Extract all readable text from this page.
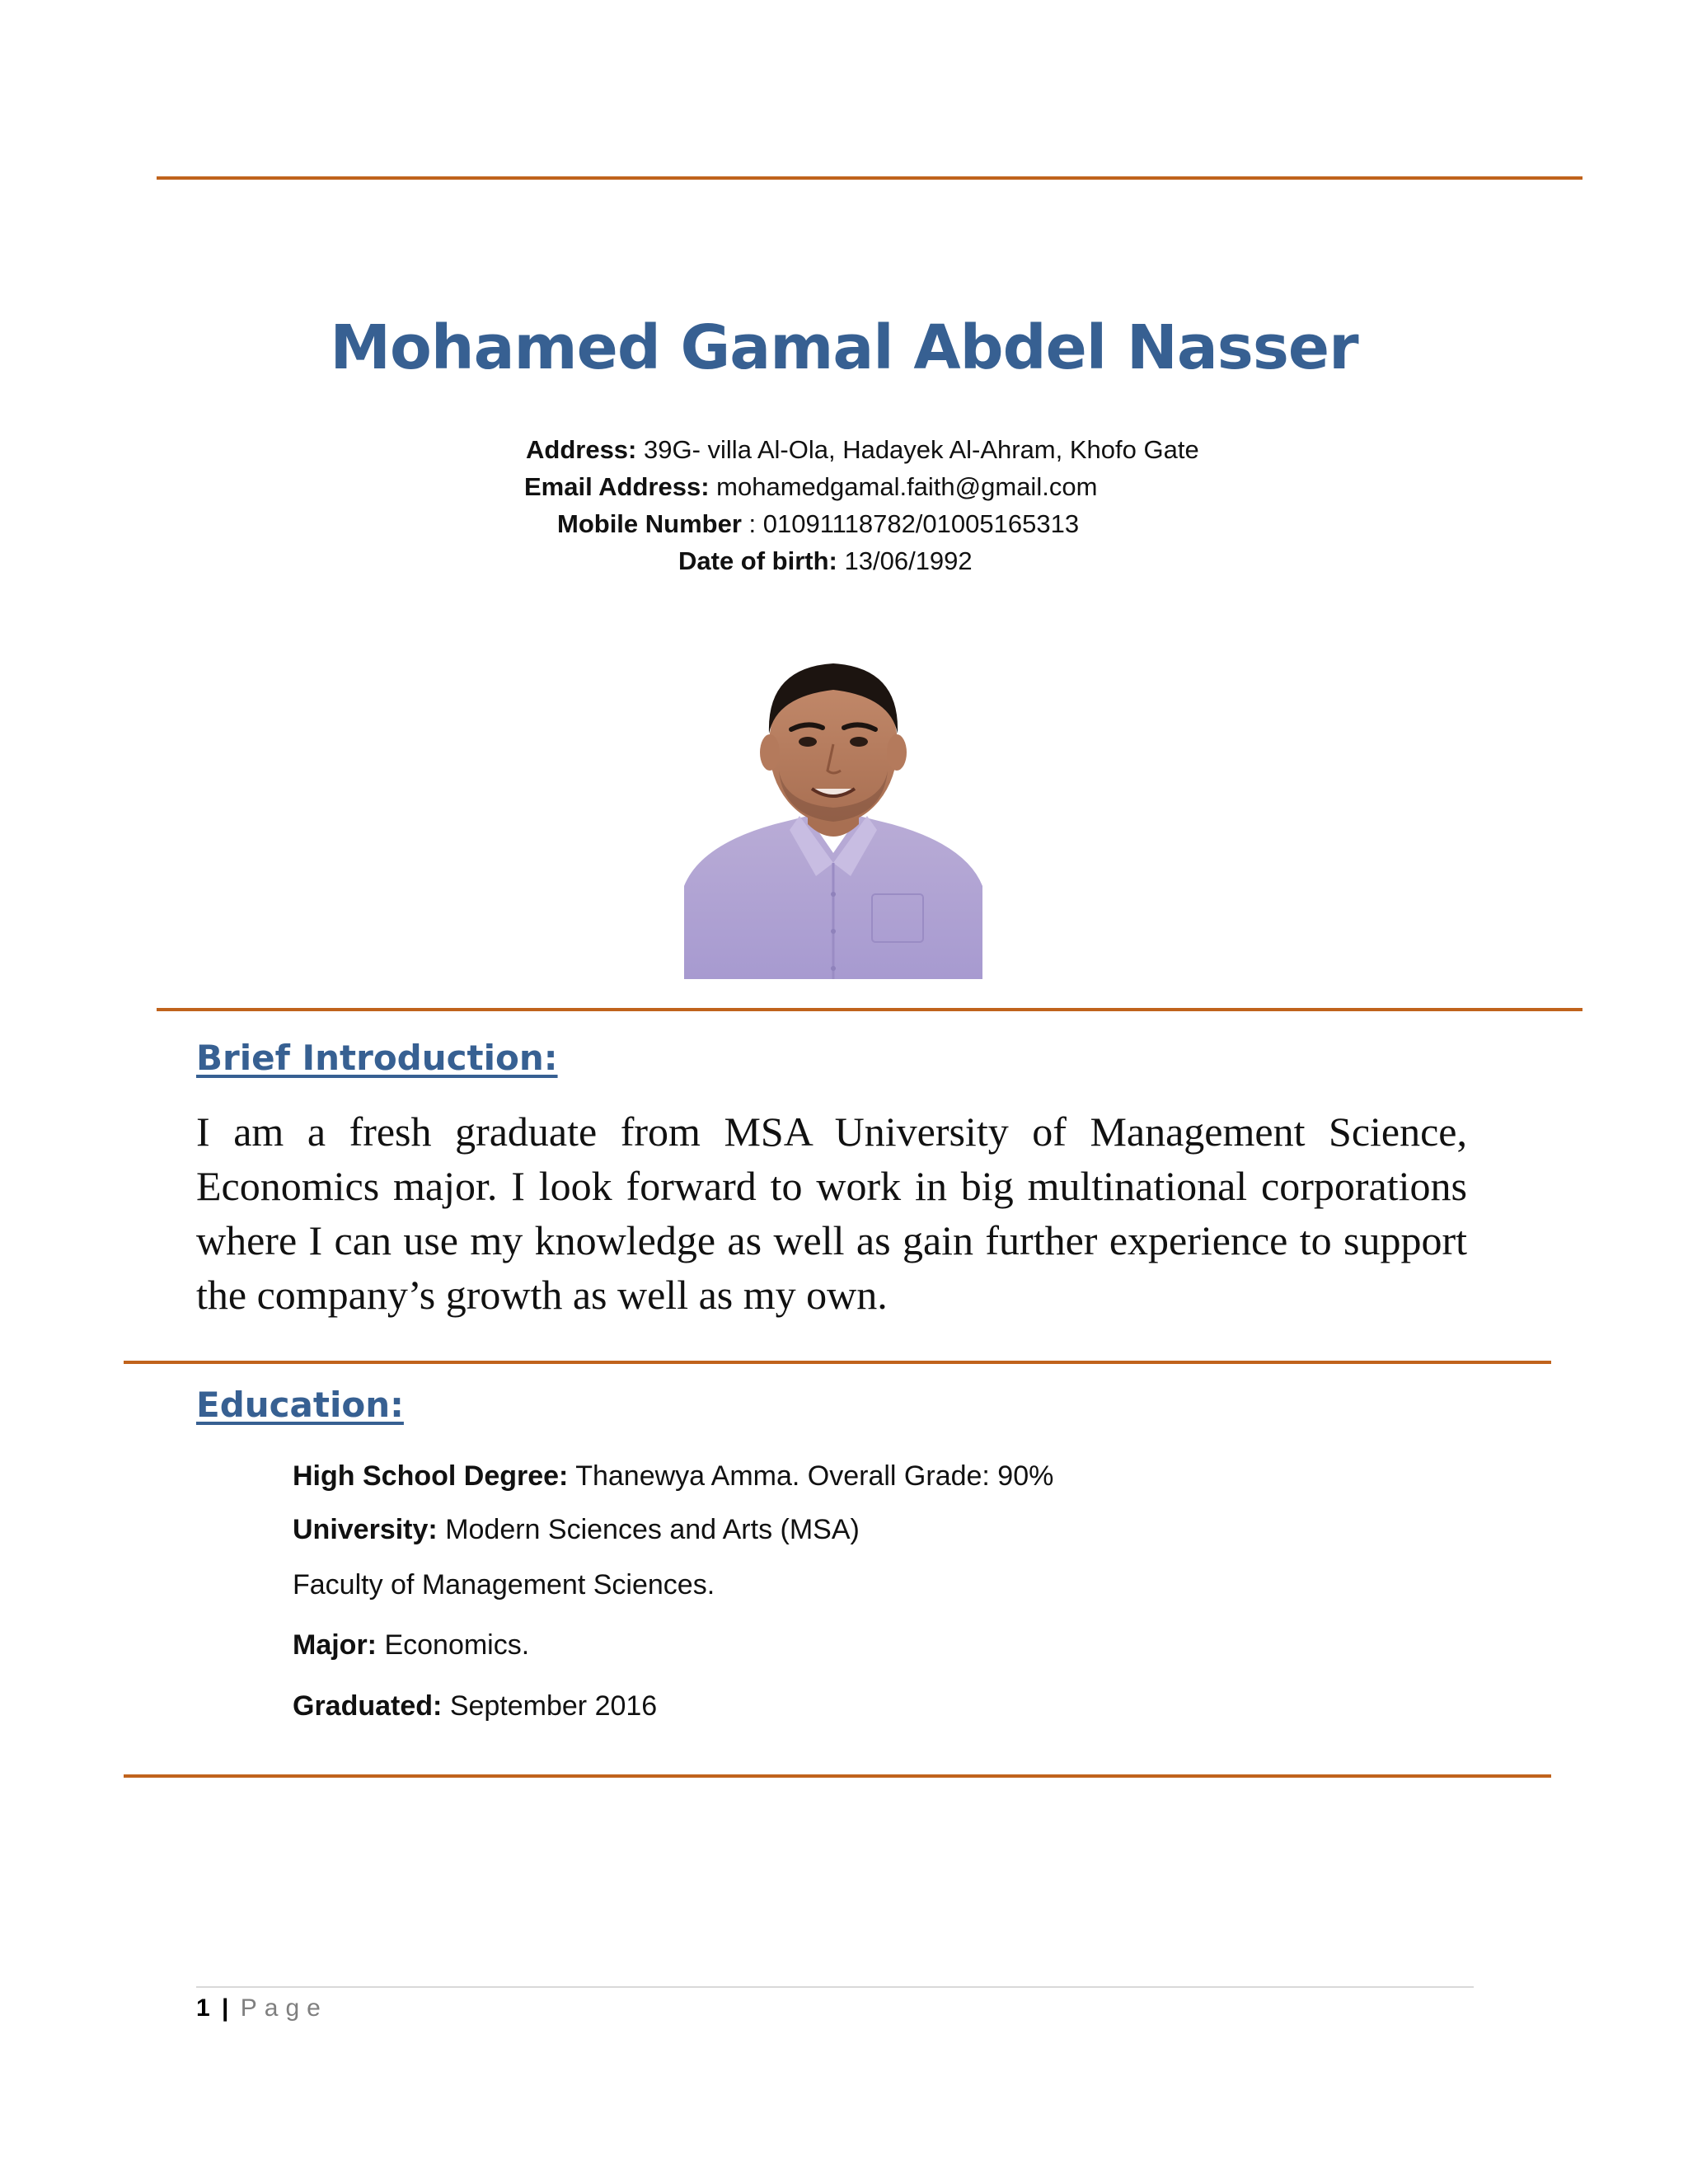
Mohamed Gamal Abdel Nasser
Address: 39G- villa Al-Ola, Hadayek Al-Ahram, Khofo Gate
Email Address: mohamedgamal.faith@gmail.com
Mobile Number : 01091118782/01005165313
Date of birth: 13/06/1992
Brief Introduction:

I am a fresh graduate from MSA University of Management Science, Economics major. I look forward to work in big multinational corporations where I can use my knowledge as well as gain further experience to support the company’s growth as well as my own.

Education:
High School Degree: Thanewya Amma. Overall Grade: 90%
University: Modern Sciences and Arts (MSA)
Faculty of Management Sciences.
Major: Economics.
Graduated: September 2016
1 | Page
